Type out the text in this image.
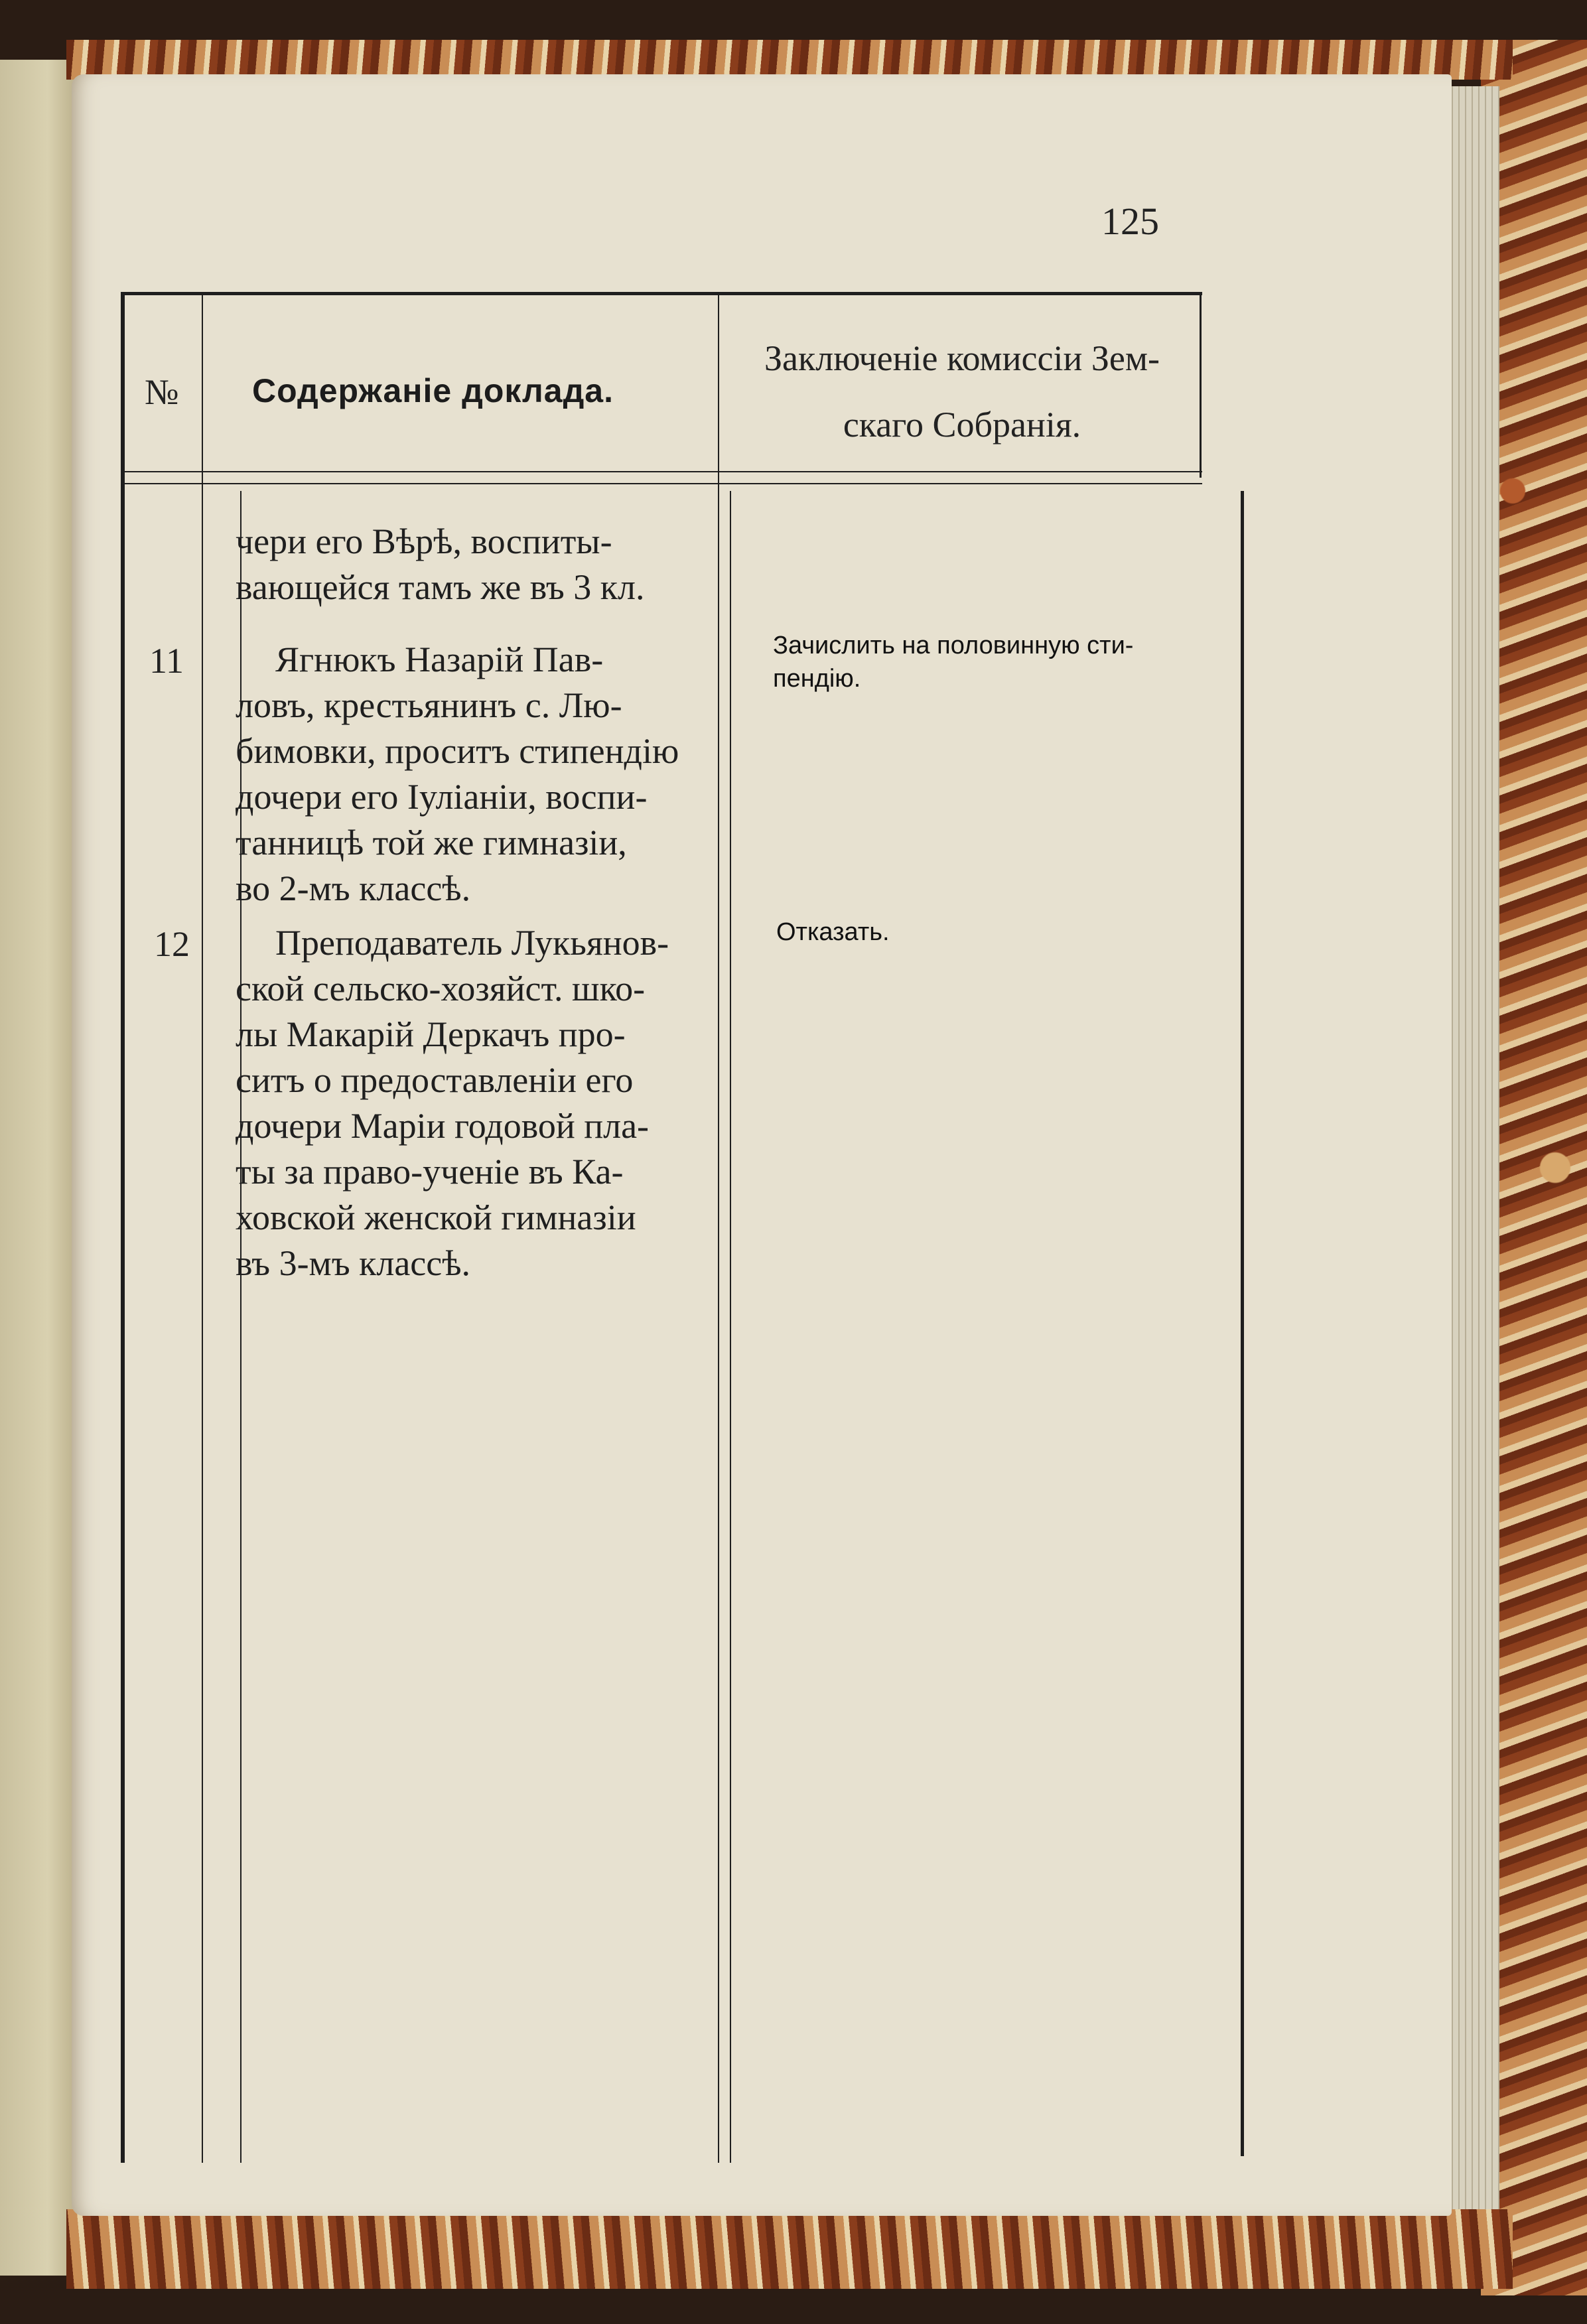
125
№ Содержаніе доклада.
Заключеніе комиссіи Зем-
скаго Собранія.
чери его Вѣрѣ, воспиты-
вающейся тамъ же въ 3 кл.
11	Ягнюкъ Назарій Пав-
ловъ, крестьянинъ с. Лю-
бимовки, проситъ стипендію
дочери его Іуліаніи, воспи-
танницѣ той же гимназіи,
во 2-мъ классѣ.
Зачислить на половинную сти-
пендію.
12	Преподаватель Лукьянов-
ской сельско-хозяйст. шко-
лы Макарій Деркачъ про-
ситъ о предоставленіи его
дочери Маріи годовой пла-
ты за право-ученіе въ Ка-
ховской женской гимназіи
въ 3-мъ классѣ.
Отказать.
